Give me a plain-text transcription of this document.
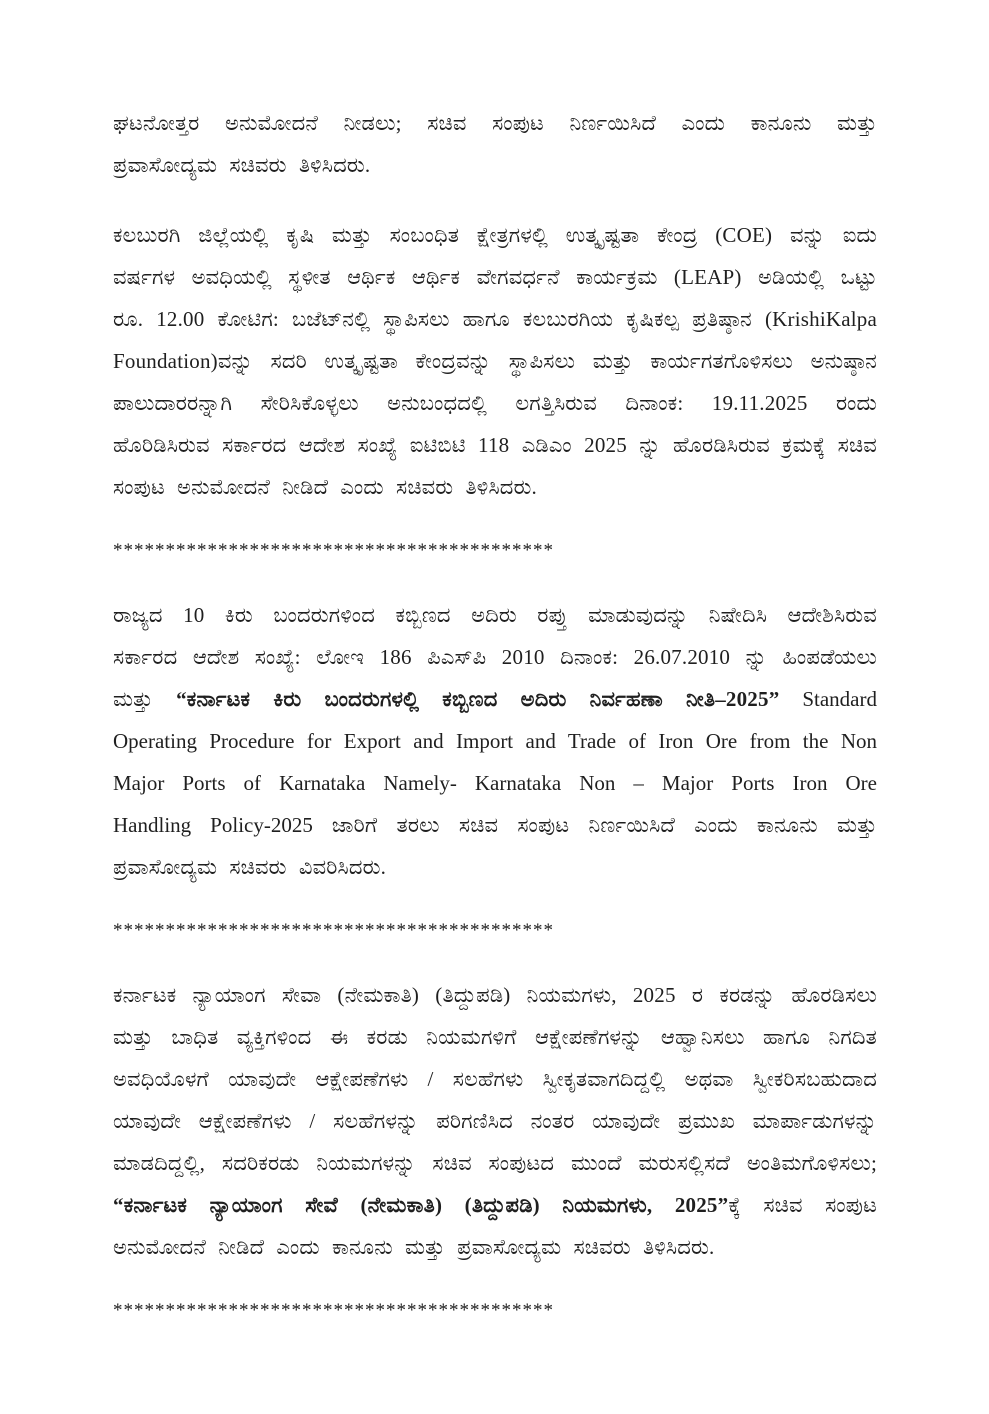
ಘಟನೋತ್ತರ ಅನುಮೋದನೆ ನೀಡಲು; ಸಚಿವ ಸಂಪುಟ ನಿರ್ಣಯಿಸಿದೆ ಎಂದು ಕಾನೂನು ಮತ್ತು ಪ್ರವಾಸೋದ್ಯಮ ಸಚಿವರು ತಿಳಿಸಿದರು.

ಕಲಬುರಗಿ ಜಿಲ್ಲೆಯಲ್ಲಿ ಕೃಷಿ ಮತ್ತು ಸಂಬಂಧಿತ ಕ್ಷೇತ್ರಗಳಲ್ಲಿ ಉತ್ಕೃಷ್ಟತಾ ಕೇಂದ್ರ (COE) ವನ್ನು ಐದು ವರ್ಷಗಳ ಅವಧಿಯಲ್ಲಿ ಸ್ಥಳೀತ ಆರ್ಥಿಕ ಆರ್ಥಿಕ ವೇಗವರ್ಧನೆ ಕಾರ್ಯಕ್ರಮ (LEAP) ಅಡಿಯಲ್ಲಿ ಒಟ್ಟು ರೂ. 12.00 ಕೋಟಿಗ: ಬಜೆಟ್‌ನಲ್ಲಿ ಸ್ಥಾಪಿಸಲು ಹಾಗೂ ಕಲಬುರಗಿಯ ಕೃಷಿಕಲ್ಪ ಪ್ರತಿಷ್ಠಾನ (KrishiKalpa Foundation)ವನ್ನು ಸದರಿ ಉತ್ಕೃಷ್ಟತಾ ಕೇಂದ್ರವನ್ನು ಸ್ಥಾಪಿಸಲು ಮತ್ತು ಕಾರ್ಯಗತಗೊಳಿಸಲು ಅನುಷ್ಠಾನ ಪಾಲುದಾರರನ್ನಾಗಿ ಸೇರಿಸಿಕೊಳ್ಳಲು ಅನುಬಂಧದಲ್ಲಿ ಲಗತ್ತಿಸಿರುವ ದಿನಾಂಕ: 19.11.2025 ರಂದು ಹೊರಿಡಿಸಿರುವ ಸರ್ಕಾರದ ಆದೇಶ ಸಂಖ್ಯೆ ಐಟಿಬಿಟಿ 118 ಎಡಿಎಂ 2025 ನ್ನು ಹೊರಡಿಸಿರುವ ಕ್ರಮಕ್ಕೆ ಸಚಿವ ಸಂಪುಟ ಅನುಮೋದನೆ ನೀಡಿದೆ ಎಂದು ಸಚಿವರು ತಿಳಿಸಿದರು.

******************************************

ರಾಜ್ಯದ 10 ಕಿರು ಬಂದರುಗಳಿಂದ ಕಬ್ಬಿಣದ ಅದಿರು ರಪ್ತು ಮಾಡುವುದನ್ನು ನಿಷೇದಿಸಿ ಆದೇಶಿಸಿರುವ ಸರ್ಕಾರದ ಆದೇಶ ಸಂಖ್ಯೆ: ಲೋಇ 186 ಪಿಎಸ್‌ಪಿ 2010 ದಿನಾಂಕ: 26.07.2010 ನ್ನು ಹಿಂಪಡೆಯಲು ಮತ್ತು “ಕರ್ನಾಟಕ ಕಿರು ಬಂದರುಗಳಲ್ಲಿ ಕಬ್ಬಿಣದ ಅದಿರು ನಿರ್ವಹಣಾ ನೀತಿ–2025” Standard Operating Procedure for Export and Import and Trade of Iron Ore from the Non Major Ports of Karnataka Namely- Karnataka Non – Major Ports Iron Ore Handling Policy-2025 ಜಾರಿಗೆ ತರಲು ಸಚಿವ ಸಂಪುಟ ನಿರ್ಣಯಿಸಿದೆ ಎಂದು ಕಾನೂನು ಮತ್ತು ಪ್ರವಾಸೋದ್ಯಮ ಸಚಿವರು ವಿವರಿಸಿದರು.

******************************************

ಕರ್ನಾಟಕ ನ್ಯಾಯಾಂಗ ಸೇವಾ (ನೇಮಕಾತಿ) (ತಿದ್ದುಪಡಿ) ನಿಯಮಗಳು, 2025 ರ ಕರಡನ್ನು ಹೊರಡಿಸಲು ಮತ್ತು ಬಾಧಿತ ವ್ಯಕ್ತಿಗಳಿಂದ ಈ ಕರಡು ನಿಯಮಗಳಿಗೆ ಆಕ್ಷೇಪಣೆಗಳನ್ನು ಆಹ್ವಾನಿಸಲು ಹಾಗೂ ನಿಗದಿತ ಅವಧಿಯೊಳಗೆ ಯಾವುದೇ ಆಕ್ಷೇಪಣೆಗಳು / ಸಲಹೆಗಳು ಸ್ವೀಕೃತವಾಗದಿದ್ದಲ್ಲಿ ಅಥವಾ ಸ್ವೀಕರಿಸಬಹುದಾದ ಯಾವುದೇ ಆಕ್ಷೇಪಣೆಗಳು / ಸಲಹೆಗಳನ್ನು ಪರಿಗಣಿಸಿದ ನಂತರ ಯಾವುದೇ ಪ್ರಮುಖ ಮಾರ್ಪಾಡುಗಳನ್ನು ಮಾಡದಿದ್ದಲ್ಲಿ, ಸದರಿಕರಡು ನಿಯಮಗಳನ್ನು ಸಚಿವ ಸಂಪುಟದ ಮುಂದೆ ಮರುಸಲ್ಲಿಸದೆ ಅಂತಿಮಗೊಳಿಸಲು; “ಕರ್ನಾಟಕ ನ್ಯಾಯಾಂಗ ಸೇವೆ (ನೇಮಕಾತಿ) (ತಿದ್ದುಪಡಿ) ನಿಯಮಗಳು, 2025”ಕ್ಕೆ ಸಚಿವ ಸಂಪುಟ ಅನುಮೋದನೆ ನೀಡಿದೆ ಎಂದು ಕಾನೂನು ಮತ್ತು ಪ್ರವಾಸೋದ್ಯಮ ಸಚಿವರು ತಿಳಿಸಿದರು.

******************************************
